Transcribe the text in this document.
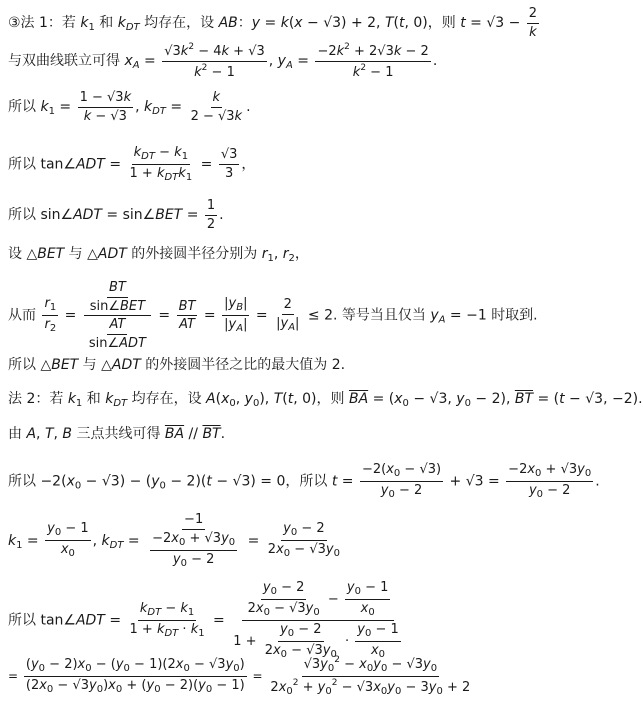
③法 1：若 $k_1$ 和 $k_{DT}$ 均存在，设 AB：y = k(x − √3) + 2, T(t, 0)，则 $t = √3 - \frac{2}{k}$
与双曲线联立可得 $x_A = \frac{√3k^2 - 4k + √3}{k^2 - 1}$ , $y_A = \frac{-2k^2 + 2√3k - 2}{k^2 - 1}$ .
所以 $k_1 = \frac{1 - √3k}{k - √3}$ , $k_{DT} = \frac{k}{2 - √3k}$ .
所以 tan∠ADT = $\frac{k_{DT} - k_1}{1 + k_{DT}k_1} = \frac{√3}{3}$ ，
所以 sin∠ADT = sin∠BET = $\frac{1}{2}$ .
设 △BET 与 △ADT 的外接圆半径分别为 $r_1$, $r_2$，
从而 $\frac{r_1}{r_2} = \frac{\frac{BT}{\text{sin∠BET}}}{\frac{AT}{\text{sin∠ADT}}} = \frac{BT}{AT} = \frac{|y_B|}{|y_A|} = \frac{2}{|y_A|} \le 2$. 等号当且仅当 $y_A = -1$ 时取到.
所以 △BET 与 △ADT 的外接圆半径之比的最大值为 2.
法 2：若 $k_1$ 和 $k_{DT}$ 均存在，设 $A(x_0$, $y_0$), T(t, 0)，则 $\overline{BA} = (x_0 - √3$, $y_0 - 2$), $\overline{BT} = (t - √3$, −2).
由 A, T, B 三点共线可得 $\overline{BA} // \overline{BT}$.
所以 $-2(x_0 - √3) - (y_0 - 2)(t - √3) = 0$，所以 $t = \frac{-2(x_0 - √3)}{y_0 - 2} + √3 = \frac{-2x_0 + √3y_0}{y_0 - 2}$ .
$k_1 = \frac{y_0 - 1}{x_0}$ , $k_{DT} = \frac{-1}{\frac{-2x_0 + √3y_0}{y_0 - 2}} = \frac{y_0 - 2}{2x_0 - √3y_0}$
所以 tan∠ADT = $\frac{k_{DT} - k_1}{1 + k_{DT} \cdot k_1} = \frac{\frac{y_0 - 2}{2x_0 - √3y_0} - \frac{y_0 - 1}{x_0}}{1 + \frac{y_0 - 2}{2x_0 - √3y_0} \cdot \frac{y_0 - 1}{x_0}}$
= $\frac{(y_0 - 2)x_0 - (y_0 - 1)(2x_0 - √3y_0)}{(2x_0 - √3y_0)x_0 + (y_0 - 2)(y_0 - 1)} = \frac{√3y_0^2 - x_0y_0 - √3y_0}{2x_0^2 + y_0^2 - √3x_0y_0 - 3y_0 + 2}$
